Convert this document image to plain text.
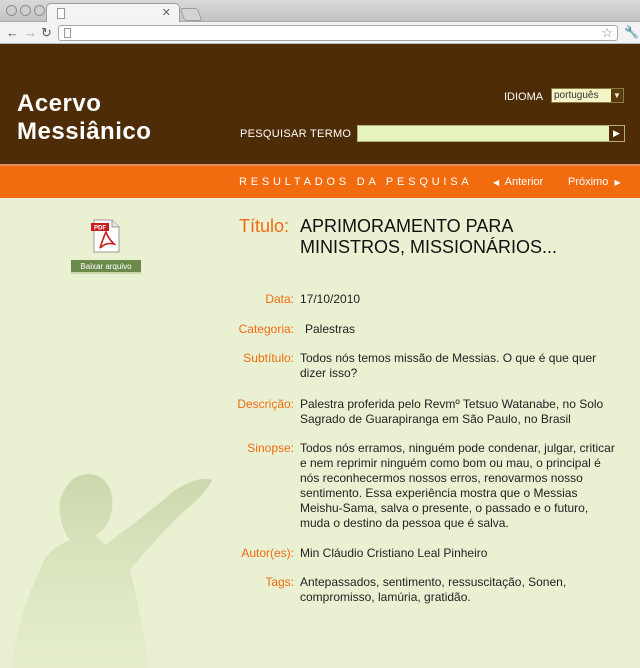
✕
← → ↻	☆ 🔧
Acervo
Messiânico
IDIOMA	português ▼
PESQUISAR TERMO	▶
RESULTADOS DA PESQUISA	◀ Anterior Próximo ▶
PDF
Baixar arquivo
Título: APRIMORAMENTO PARA MINISTROS, MISSIONÁRIOS...
Data: 17/10/2010
Categoria: Palestras
Subtítulo: Todos nós temos missão de Messias. O que é que quer dizer isso?
Descrição: Palestra proferida pelo Revmº Tetsuo Watanabe, no Solo Sagrado de Guarapiranga em São Paulo, no Brasil
Sinopse: Todos nós erramos, ninguém pode condenar, julgar, criticar e nem reprimir ninguém como bom ou mau, o principal é nós reconhecermos nossos erros, renovarmos nosso sentimento. Essa experiência mostra que o Messias Meishu-Sama, salva o presente, o passado e o futuro, muda o destino da pessoa que é salva.
Autor(es): Min Cláudio Cristiano Leal Pinheiro
Tags: Antepassados, sentimento, ressuscitação, Sonen, compromisso, lamúria, gratidão.
